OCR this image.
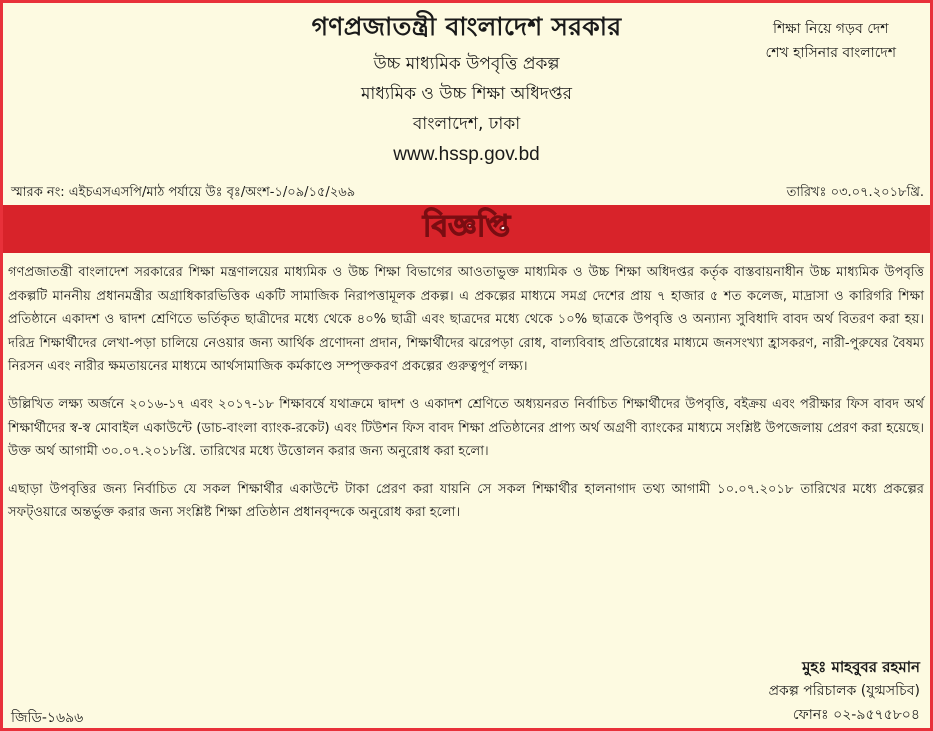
গণপ্রজাতন্ত্রী বাংলাদেশ সরকার
উচ্চ মাধ্যমিক উপবৃত্তি প্রকল্প
মাধ্যমিক ও উচ্চ শিক্ষা অধিদপ্তর
বাংলাদেশ, ঢাকা
www.hssp.gov.bd
শিক্ষা নিয়ে গড়ব দেশ
শেখ হাসিনার বাংলাদেশ
স্মারক নং: এইচএসএসপি/মাঠ পর্যায়ে উঃ বৃঃ/অংশ-১/০৯/১৫/২৬৯	তারিখঃ ০৩.০৭.২০১৮খ্রি.
বিজ্ঞপ্তি

গণপ্রজাতন্ত্রী বাংলাদেশ সরকারের শিক্ষা মন্ত্রণালয়ের মাধ্যমিক ও উচ্চ শিক্ষা বিভাগের আওতাভুক্ত মাধ্যমিক ও উচ্চ শিক্ষা অধিদপ্তর কর্তৃক বাস্তবায়নাধীন উচ্চ মাধ্যমিক উপবৃত্তি প্রকল্পটি মাননীয় প্রধানমন্ত্রীর অগ্রাধিকারভিত্তিক একটি সামাজিক নিরাপত্তামূলক প্রকল্প। এ প্রকল্পের মাধ্যমে সমগ্র দেশের প্রায় ৭ হাজার ৫ শত কলেজ, মাদ্রাসা ও কারিগরি শিক্ষা প্রতিষ্ঠানে একাদশ ও দ্বাদশ শ্রেণিতে ভর্তিকৃত ছাত্রীদের মধ্যে থেকে ৪০% ছাত্রী এবং ছাত্রদের মধ্যে থেকে ১০% ছাত্রকে উপবৃত্তি ও অন্যান্য সুবিধাদি বাবদ অর্থ বিতরণ করা হয়। দরিদ্র শিক্ষার্থীদের লেখা-পড়া চালিয়ে নেওয়ার জন্য আর্থিক প্রণোদনা প্রদান, শিক্ষার্থীদের ঝরেপড়া রোধ, বাল্যবিবাহ প্রতিরোধের মাধ্যমে জনসংখ্যা হ্রাসকরণ, নারী-পুরুষের বৈষম্য নিরসন এবং নারীর ক্ষমতায়নের মাধ্যমে আর্থসামাজিক কর্মকাণ্ডে সম্পৃক্তকরণ প্রকল্পের গুরুত্বপূর্ণ লক্ষ্য।

উল্লিখিত লক্ষ্য অর্জনে ২০১৬-১৭ এবং ২০১৭-১৮ শিক্ষাবর্ষে যথাক্রমে দ্বাদশ ও একাদশ শ্রেণিতে অধ্যয়নরত নির্বাচিত শিক্ষার্থীদের উপবৃত্তি, বইক্রয় এবং পরীক্ষার ফিস বাবদ অর্থ শিক্ষার্থীদের স্ব-স্ব মোবাইল একাউন্টে (ডাচ-বাংলা ব্যাংক-রকেট) এবং টিউশন ফিস বাবদ শিক্ষা প্রতিষ্ঠানের প্রাপ্য অর্থ অগ্রণী ব্যাংকের মাধ্যমে সংশ্লিষ্ট উপজেলায় প্রেরণ করা হয়েছে। উক্ত অর্থ আগামী ৩০.০৭.২০১৮খ্রি. তারিখের মধ্যে উত্তোলন করার জন্য অনুরোধ করা হলো।

এছাড়া উপবৃত্তির জন্য নির্বাচিত যে সকল শিক্ষার্থীর একাউন্টে টাকা প্রেরণ করা যায়নি সে সকল শিক্ষার্থীর হালনাগাদ তথ্য আগামী ১০.০৭.২০১৮ তারিখের মধ্যে প্রকল্পের সফট্ওয়ারে অন্তর্ভুক্ত করার জন্য সংশ্লিষ্ট শিক্ষা প্রতিষ্ঠান প্রধানবৃন্দকে অনুরোধ করা হলো।

মুহঃ মাহবুবর রহমান
প্রকল্প পরিচালক (যুগ্মসচিব)
ফোনঃ ০২-৯৫৭৫৮০৪
জিডি-১৬৯৬
